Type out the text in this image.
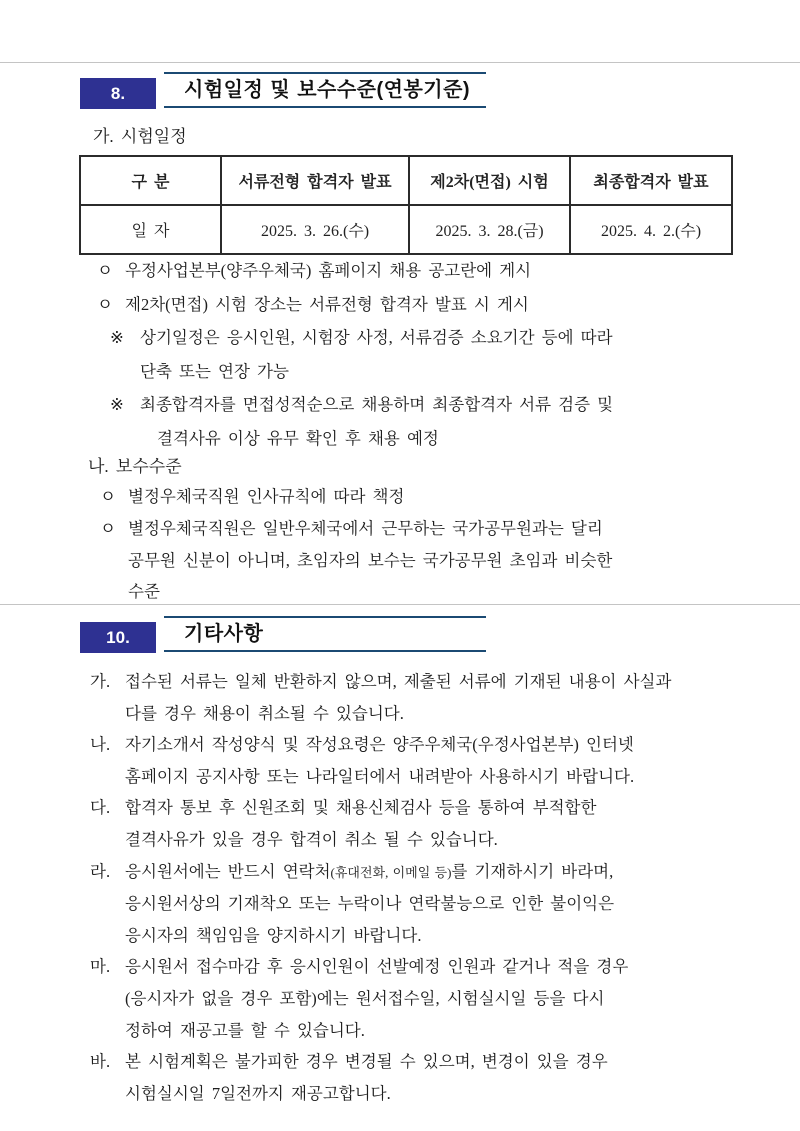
8.	시험일정 및 보수수준(연봉기준)
가. 시험일정
구 분	서류전형 합격자 발표	제2차(면접) 시험	최종합격자 발표
일 자	2025. 3. 26.(수)	2025. 3. 28.(금)	2025. 4. 2.(수)
ㅇ 우정사업본부(양주우체국) 홈페이지 채용 공고란에 게시
ㅇ 제2차(면접) 시험 장소는 서류전형 합격자 발표 시 게시
※ 상기일정은 응시인원, 시험장 사정, 서류검증 소요기간 등에 따라
단축 또는 연장 가능
※ 최종합격자를 면접성적순으로 채용하며 최종합격자 서류 검증 및
결격사유 이상 유무 확인 후 채용 예정
나. 보수수준
ㅇ 별정우체국직원 인사규칙에 따라 책정
ㅇ 별정우체국직원은 일반우체국에서 근무하는 국가공무원과는 달리
공무원 신분이 아니며, 초임자의 보수는 국가공무원 초임과 비슷한
수준
10.	기타사항
가. 접수된 서류는 일체 반환하지 않으며, 제출된 서류에 기재된 내용이 사실과
다를 경우 채용이 취소될 수 있습니다.
나. 자기소개서 작성양식 및 작성요령은 양주우체국(우정사업본부) 인터넷
홈페이지 공지사항 또는 나라일터에서 내려받아 사용하시기 바랍니다.
다. 합격자 통보 후 신원조회 및 채용신체검사 등을 통하여 부적합한
결격사유가 있을 경우 합격이 취소 될 수 있습니다.
라. 응시원서에는 반드시 연락처(휴대전화, 이메일 등)를 기재하시기 바라며,
응시원서상의 기재착오 또는 누락이나 연락불능으로 인한 불이익은
응시자의 책임임을 양지하시기 바랍니다.
마. 응시원서 접수마감 후 응시인원이 선발예정 인원과 같거나 적을 경우
(응시자가 없을 경우 포함)에는 원서접수일, 시험실시일 등을 다시
정하여 재공고를 할 수 있습니다.
바. 본 시험계획은 불가피한 경우 변경될 수 있으며, 변경이 있을 경우
시험실시일 7일전까지 재공고합니다.
